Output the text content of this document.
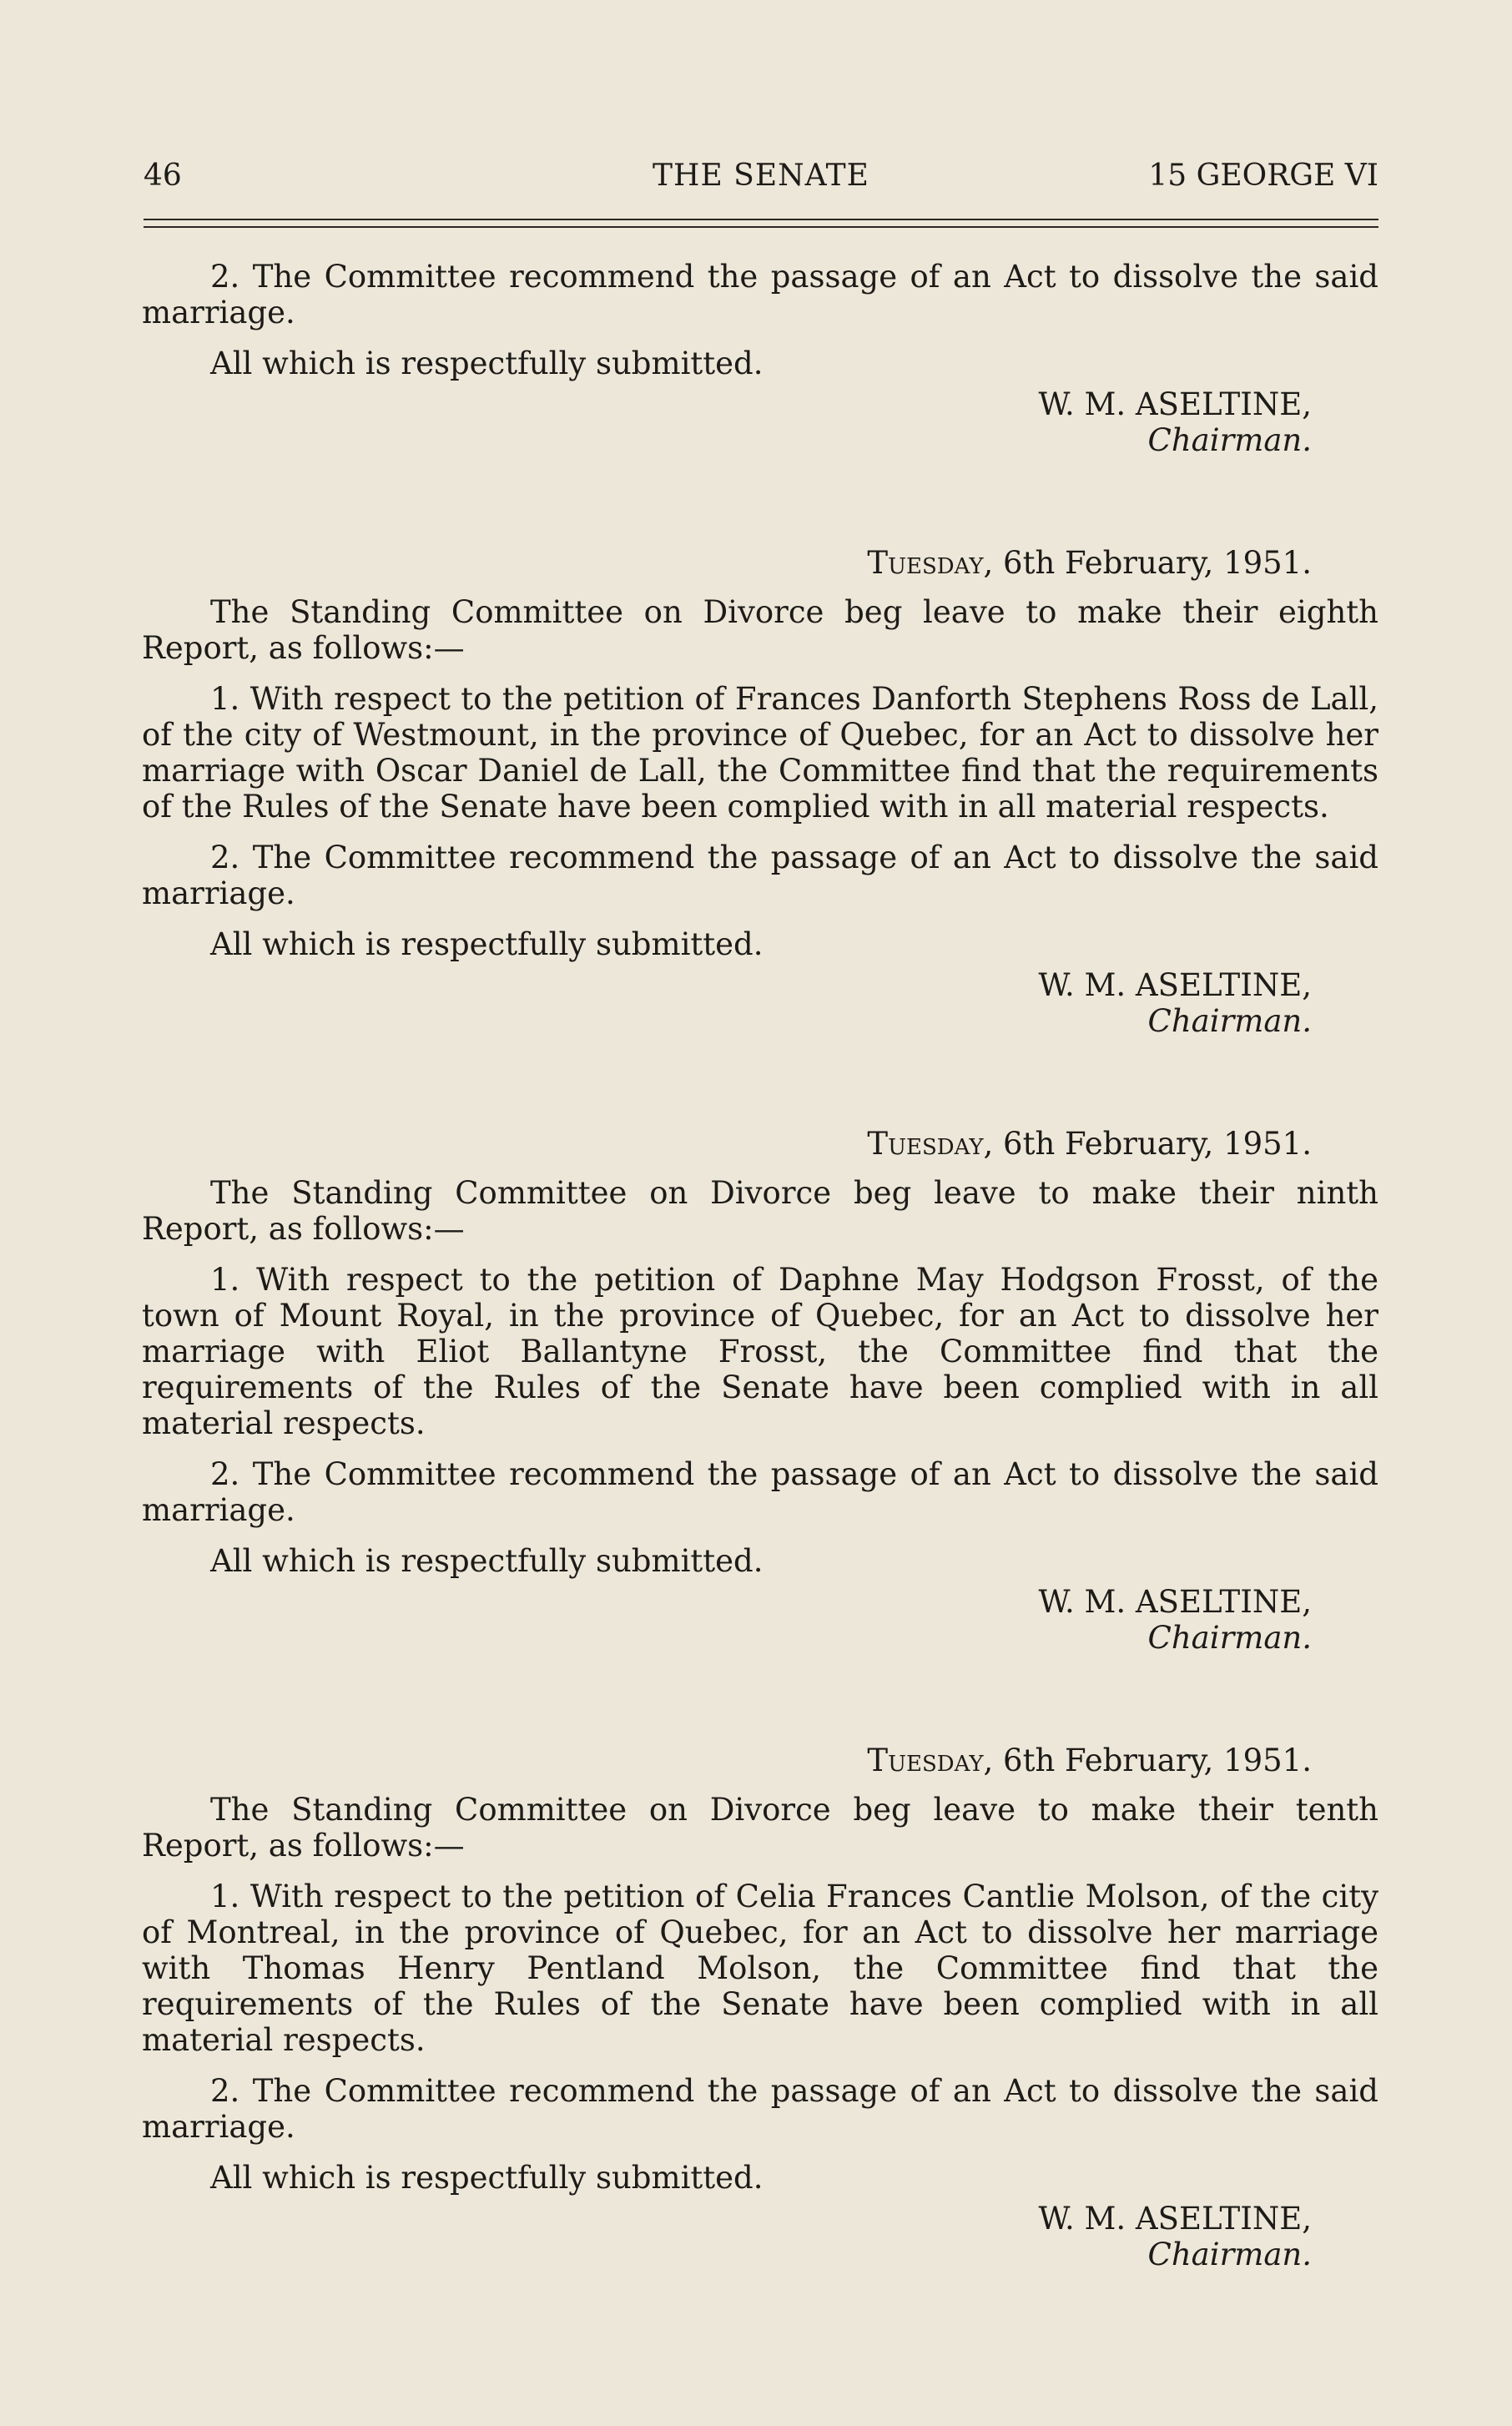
46	THE SENATE	15 GEORGE VI

2. The Committee recommend the passage of an Act to dissolve the said marriage.

All which is respectfully submitted.

W. M. ASELTINE,
Chairman.

Tuesday, 6th February, 1951.

The Standing Committee on Divorce beg leave to make their eighth Report, as follows:—

1. With respect to the petition of Frances Danforth Stephens Ross de Lall, of the city of Westmount, in the province of Quebec, for an Act to dissolve her marriage with Oscar Daniel de Lall, the Committee find that the requirements of the Rules of the Senate have been complied with in all material respects.

2. The Committee recommend the passage of an Act to dissolve the said marriage.

All which is respectfully submitted.

W. M. ASELTINE,
Chairman.

Tuesday, 6th February, 1951.

The Standing Committee on Divorce beg leave to make their ninth Report, as follows:—

1. With respect to the petition of Daphne May Hodgson Frosst, of the town of Mount Royal, in the province of Quebec, for an Act to dissolve her marriage with Eliot Ballantyne Frosst, the Committee find that the requirements of the Rules of the Senate have been complied with in all material respects.

2. The Committee recommend the passage of an Act to dissolve the said marriage.

All which is respectfully submitted.

W. M. ASELTINE,
Chairman.

Tuesday, 6th February, 1951.

The Standing Committee on Divorce beg leave to make their tenth Report, as follows:—

1. With respect to the petition of Celia Frances Cantlie Molson, of the city of Montreal, in the province of Quebec, for an Act to dissolve her marriage with Thomas Henry Pentland Molson, the Committee find that the requirements of the Rules of the Senate have been complied with in all material respects.

2. The Committee recommend the passage of an Act to dissolve the said marriage.

All which is respectfully submitted.

W. M. ASELTINE,
Chairman.
